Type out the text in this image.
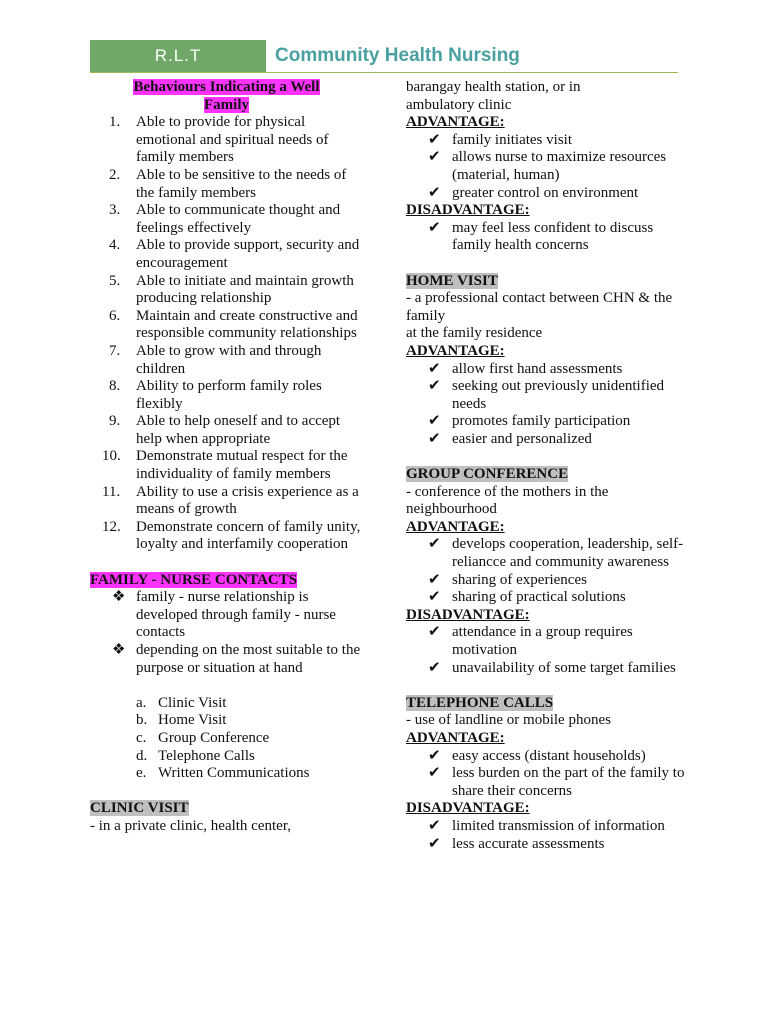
R.L.T	Community Health Nursing
Behaviours Indicating a Well Family
1. Able to provide for physical emotional and spiritual needs of family members
2. Able to be sensitive to the needs of the family members
3. Able to communicate thought and feelings effectively
4. Able to provide support, security and encouragement
5. Able to initiate and maintain growth producing relationship
6. Maintain and create constructive and responsible community relationships
7. Able to grow with and through children
8. Ability to perform family roles flexibly
9. Able to help oneself and to accept help when appropriate
10. Demonstrate mutual respect for the individuality of family members
11. Ability to use a crisis experience as a means of growth
12. Demonstrate concern of family unity, loyalty and interfamily cooperation
FAMILY - NURSE CONTACTS
❖ family - nurse relationship is developed through family - nurse contacts
❖ depending on the most suitable to the purpose or situation at hand
a. Clinic Visit
b. Home Visit
c. Group Conference
d. Telephone Calls
e. Written Communications
CLINIC VISIT
- in a private clinic, health center,
barangay health station, or in ambulatory clinic
ADVANTAGE:
✔ family initiates visit
✔ allows nurse to maximize resources (material, human)
✔ greater control on environment
DISADVANTAGE:
✔ may feel less confident to discuss family health concerns
HOME VISIT
- a professional contact between CHN & the family
at the family residence
ADVANTAGE:
✔ allow first hand assessments
✔ seeking out previously unidentified needs
✔ promotes family participation
✔ easier and personalized
GROUP CONFERENCE
- conference of the mothers in the neighbourhood
ADVANTAGE:
✔ develops cooperation, leadership, self-reliancce and community awareness
✔ sharing of experiences
✔ sharing of practical solutions
DISADVANTAGE:
✔ attendance in a group requires motivation
✔ unavailability of some target families
TELEPHONE CALLS
- use of landline or mobile phones
ADVANTAGE:
✔ easy access (distant households)
✔ less burden on the part of the family to share their concerns
DISADVANTAGE:
✔ limited transmission of information
✔ less accurate assessments
